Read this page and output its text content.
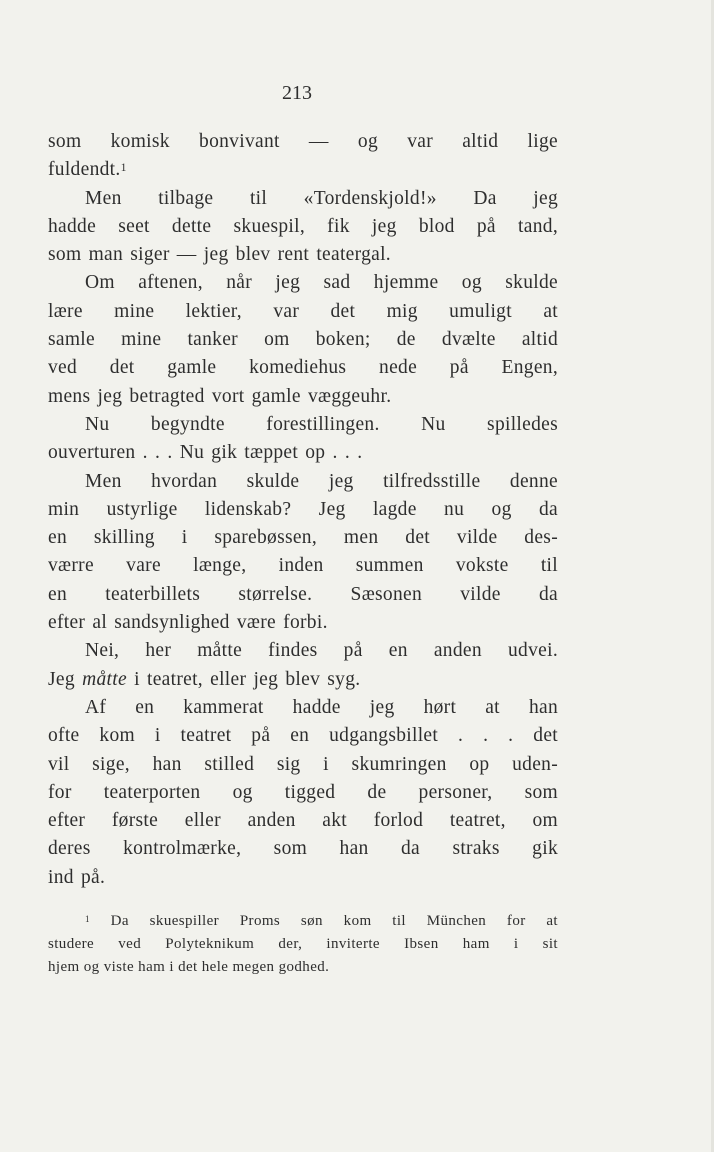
213
som komisk bonvivant — og var altid lige
fuldendt.$^1$
Men tilbage til «Tordenskjold!» Da jeg
hadde seet dette skuespil, fik jeg blod på tand,
som man siger — jeg blev rent teatergal.
Om aftenen, når jeg sad hjemme og skulde
lære mine lektier, var det mig umuligt at
samle mine tanker om boken; de dvælte altid
ved det gamle komediehus nede på Engen,
mens jeg betragted vort gamle væggeuhr.
Nu begyndte forestillingen. Nu spilledes
ouverturen . . . Nu gik tæppet op . . .
Men hvordan skulde jeg tilfredsstille denne
min ustyrlige lidenskab? Jeg lagde nu og da
en skilling i sparebøssen, men det vilde des-
værre vare længe, inden summen vokste til
en teaterbillets størrelse. Sæsonen vilde da
efter al sandsynlighed være forbi.
Nei, her måtte findes på en anden udvei.
Jeg måtte i teatret, eller jeg blev syg.
Af en kammerat hadde jeg hørt at han
ofte kom i teatret på en udgangsbillet . . . det
vil sige, han stilled sig i skumringen op uden-
for teaterporten og tigged de personer, som
efter første eller anden akt forlod teatret, om
deres kontrolmærke, som han da straks gik
ind på.
$^1$ Da skuespiller Proms søn kom til München for at
studere ved Polyteknikum der, inviterte Ibsen ham i sit
hjem og viste ham i det hele megen godhed.
